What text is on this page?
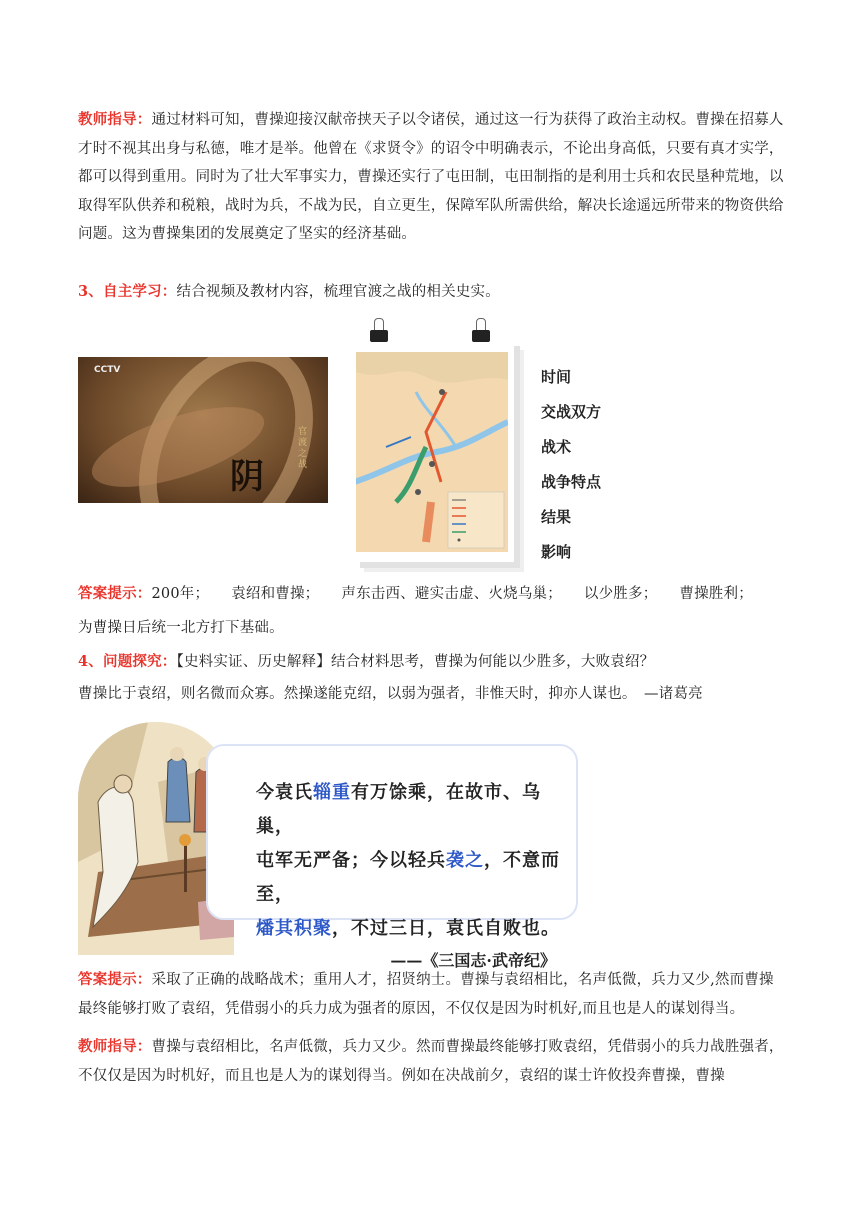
教师指导：通过材料可知，曹操迎接汉献帝挟天子以令诸侯，通过这一行为获得了政治主动权。曹操在招募人才时不视其出身与私德，唯才是举。他曾在《求贤令》的诏令中明确表示，不论出身高低，只要有真才实学，都可以得到重用。同时为了壮大军事实力，曹操还实行了屯田制，屯田制指的是利用士兵和农民垦种荒地，以取得军队供养和税粮，战时为兵，不战为民，自立更生，保障军队所需供给，解决长途遥远所带来的物资供给问题。这为曹操集团的发展奠定了坚实的经济基础。
3、自主学习：结合视频及教材内容，梳理官渡之战的相关史实。
CCTV
阴
官渡之战
时间
交战双方
战术
战争特点
结果
影响
答案提示：200年； 袁绍和曹操； 声东击西、避实击虚、火烧乌巢； 以少胜多； 曹操胜利；
为曹操日后统一北方打下基础。
4、问题探究：【史料实证、历史解释】结合材料思考，曹操为何能以少胜多，大败袁绍？
曹操比于袁绍，则名微而众寡。然操遂能克绍，以弱为强者，非惟天时，抑亦人谋也。　—诸葛亮
今袁氏辎重有万馀乘，在故市、乌巢，
屯军无严备；今以轻兵袭之，不意而至，
燔其积聚，不过三日，袁氏自败也。
——《三国志·武帝纪》
答案提示：采取了正确的战略战术；重用人才，招贤纳士。曹操与袁绍相比，名声低微，兵力又少,然而曹操最终能够打败了袁绍，凭借弱小的兵力成为强者的原因，不仅仅是因为时机好,而且也是人的谋划得当。
教师指导：曹操与袁绍相比，名声低微，兵力又少。然而曹操最终能够打败袁绍，凭借弱小的兵力战胜强者，不仅仅是因为时机好，而且也是人为的谋划得当。例如在决战前夕，袁绍的谋士许攸投奔曹操，曹操
